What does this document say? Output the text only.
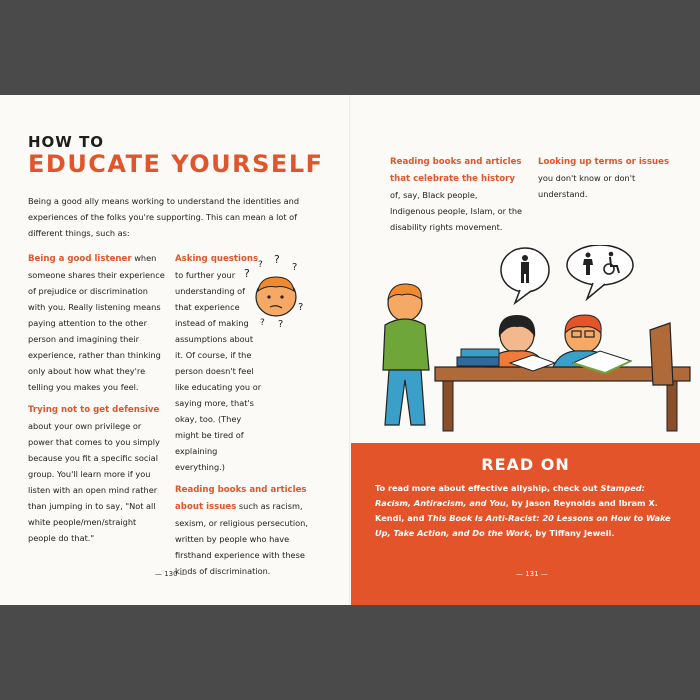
HOW TO
EDUCATE YOURSELF
Being a good ally means working to understand the identities and experiences of the folks you're supporting. This can mean a lot of different things, such as:
Being a good listener when someone shares their experience of prejudice or discrimination with you. Really listening means paying attention to the other person and imagining their experience, rather than thinking only about how what they're telling you makes you feel.
Trying not to get defensive about your own privilege or power that comes to you simply because you fit a specific social group. You'll learn more if you listen with an open mind rather than jumping in to say, "Not all white people/men/straight people do that."
Asking questions to further your understanding of that experience instead of making assumptions about it. Of course, if the person doesn't feel like educating you or saying more, that's okay, too. (They might be tired of explaining everything.)
Reading books and articles about issues such as racism, sexism, or religious persecution, written by people who have firsthand experience with these kinds of discrimination.
?
? ?
?
?
? ?
— 130 —
Reading books and articles that celebrate the history of, say, Black people, Indigenous people, Islam, or the disability rights movement.
Looking up terms or issues you don't know or don't understand.
READ ON
To read more about effective allyship, check out Stamped: Racism, Antiracism, and You, by Jason Reynolds and Ibram X. Kendi, and This Book Is Anti-Racist: 20 Lessons on How to Wake Up, Take Action, and Do the Work, by Tiffany Jewell.
— 131 —
